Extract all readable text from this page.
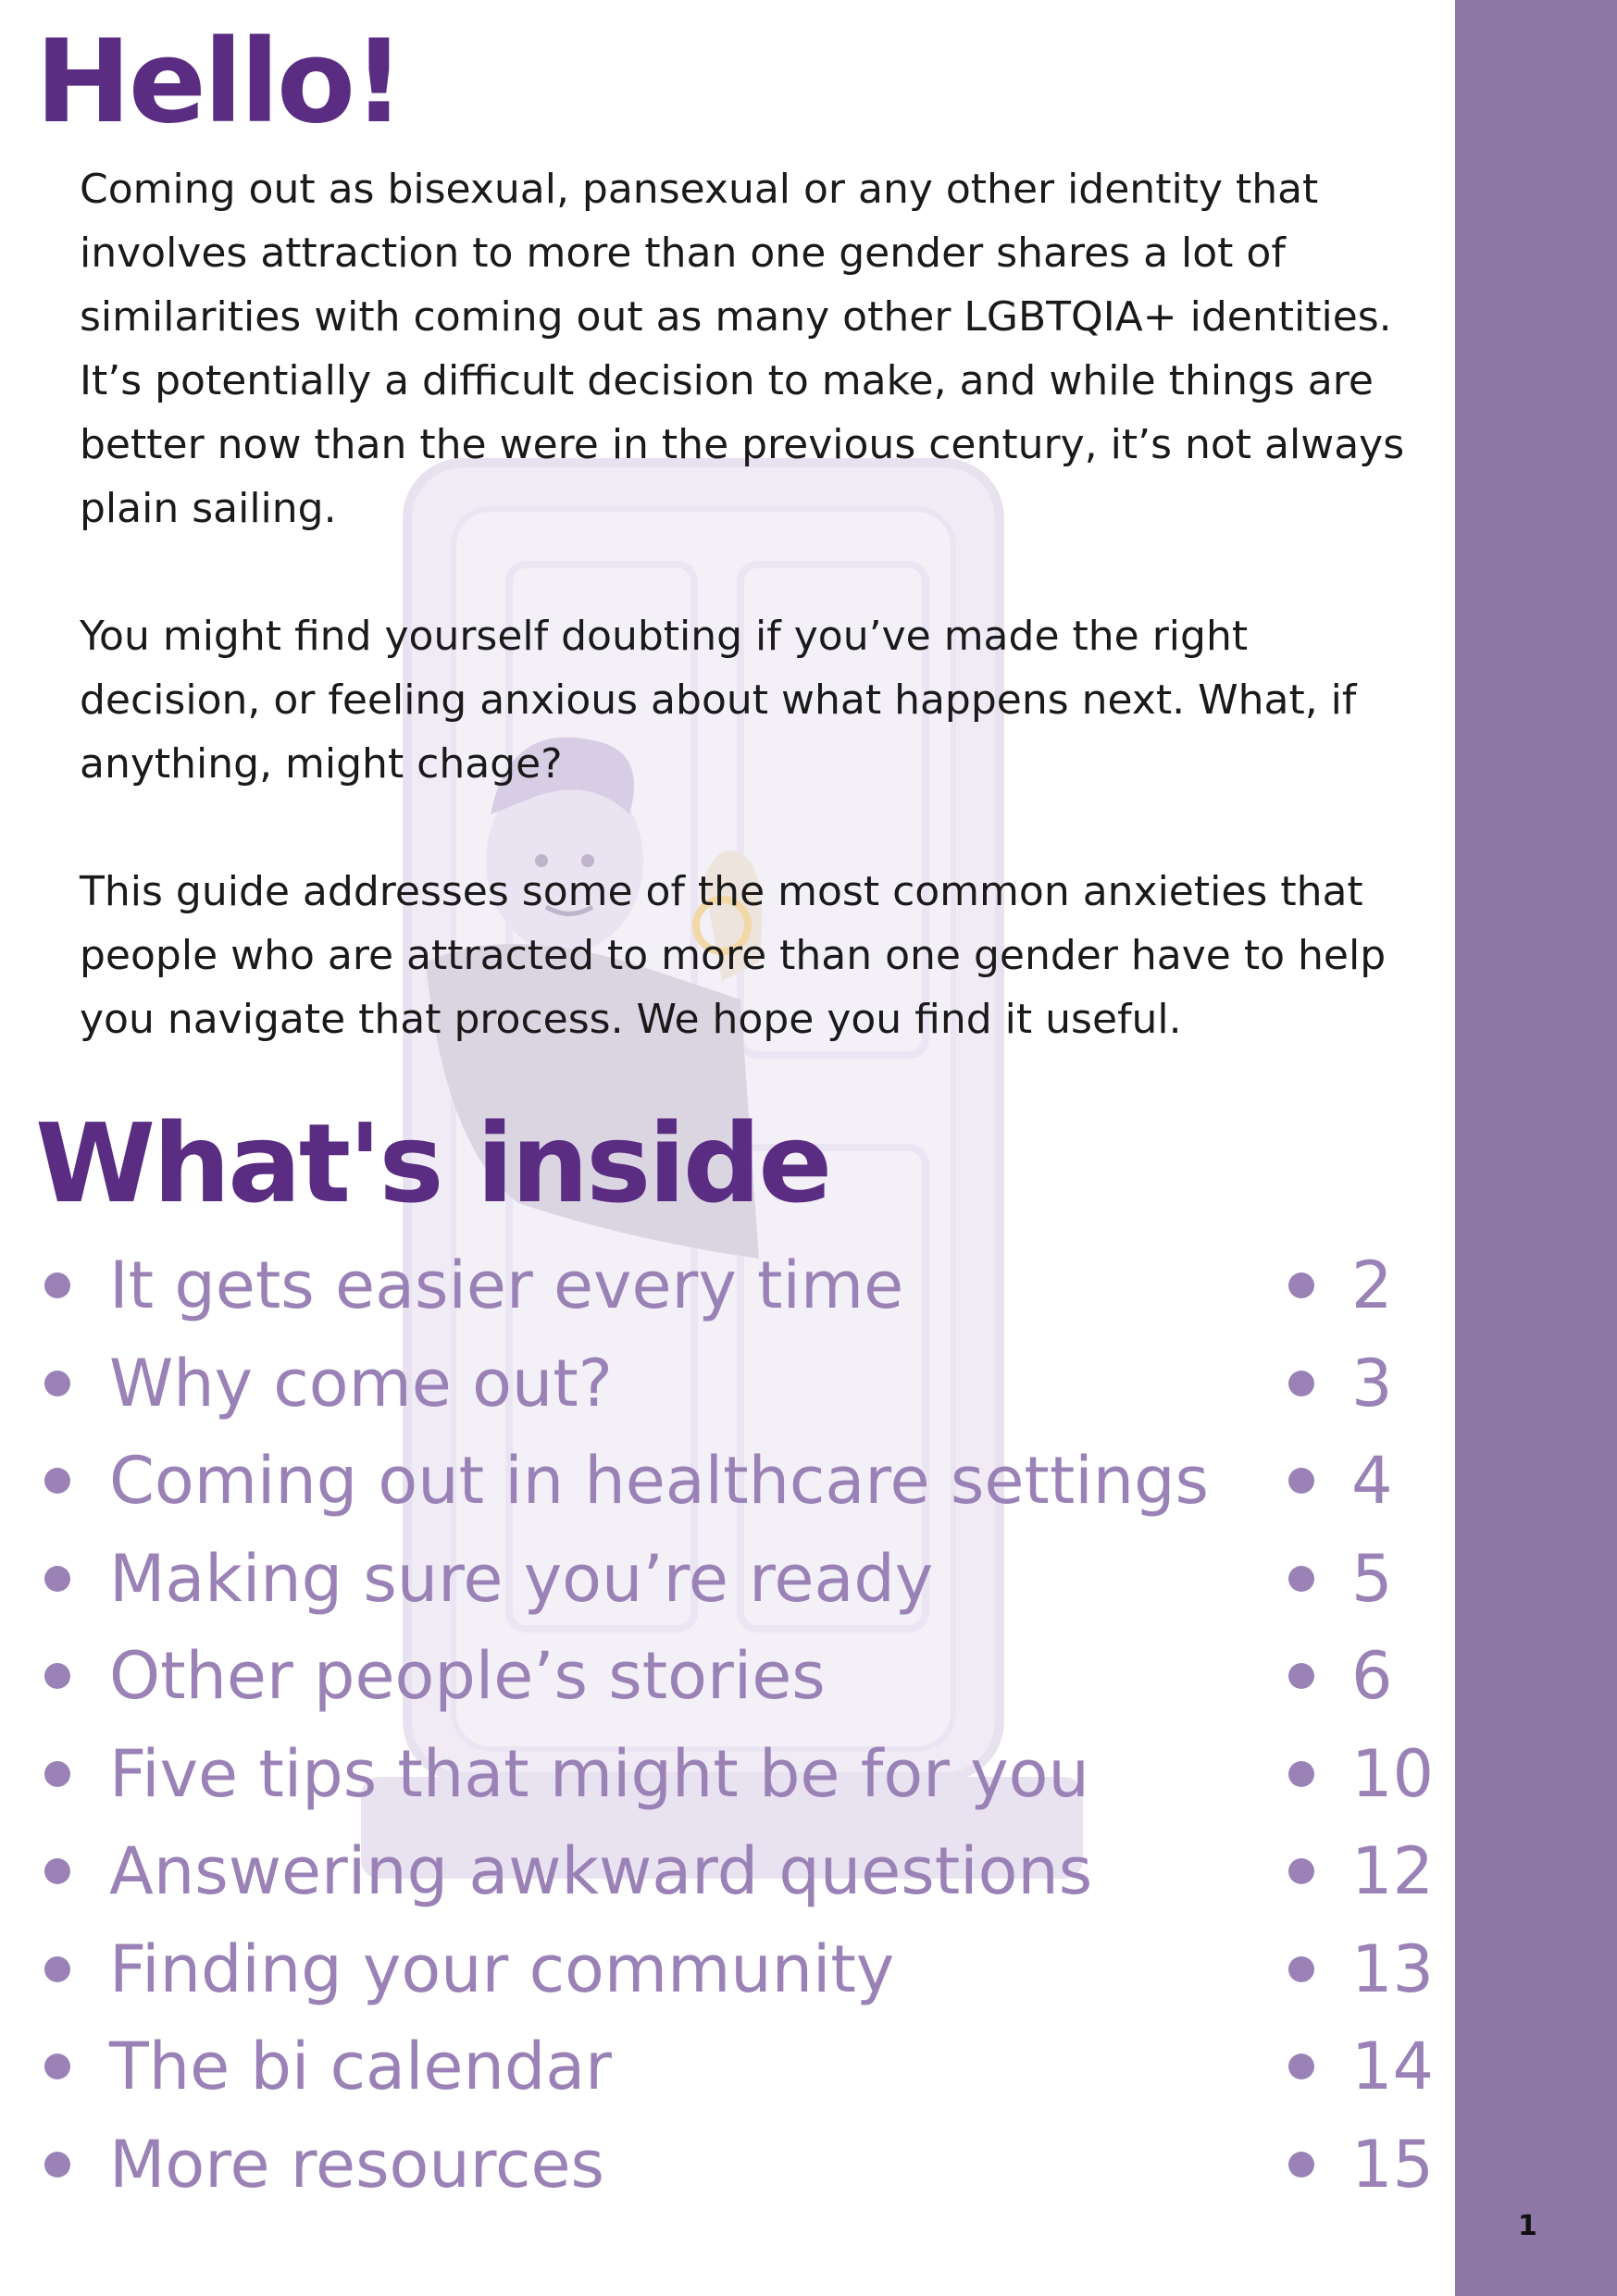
Hello!

Coming out as bisexual, pansexual or any other identity that involves attraction to more than one gender shares a lot of similarities with coming out as many other LGBTQIA+ identities. It’s potentially a difficult decision to make, and while things are better now than the were in the previous century, it’s not always plain sailing.

You might find yourself doubting if you’ve made the right decision, or feeling anxious about what happens next. What, if anything, might chage?

This guide addresses some of the most common anxieties that people who are attracted to more than one gender have to help you navigate that process. We hope you find it useful.

What's inside
It gets easier every time	2
Why come out?	3
Coming out in healthcare settings 4
Making sure you’re ready	5
Other people’s stories	6
Five tips that might be for you	10
Answering awkward questions	12
Finding your community	13
The bi calendar	14
More resources	15
1
